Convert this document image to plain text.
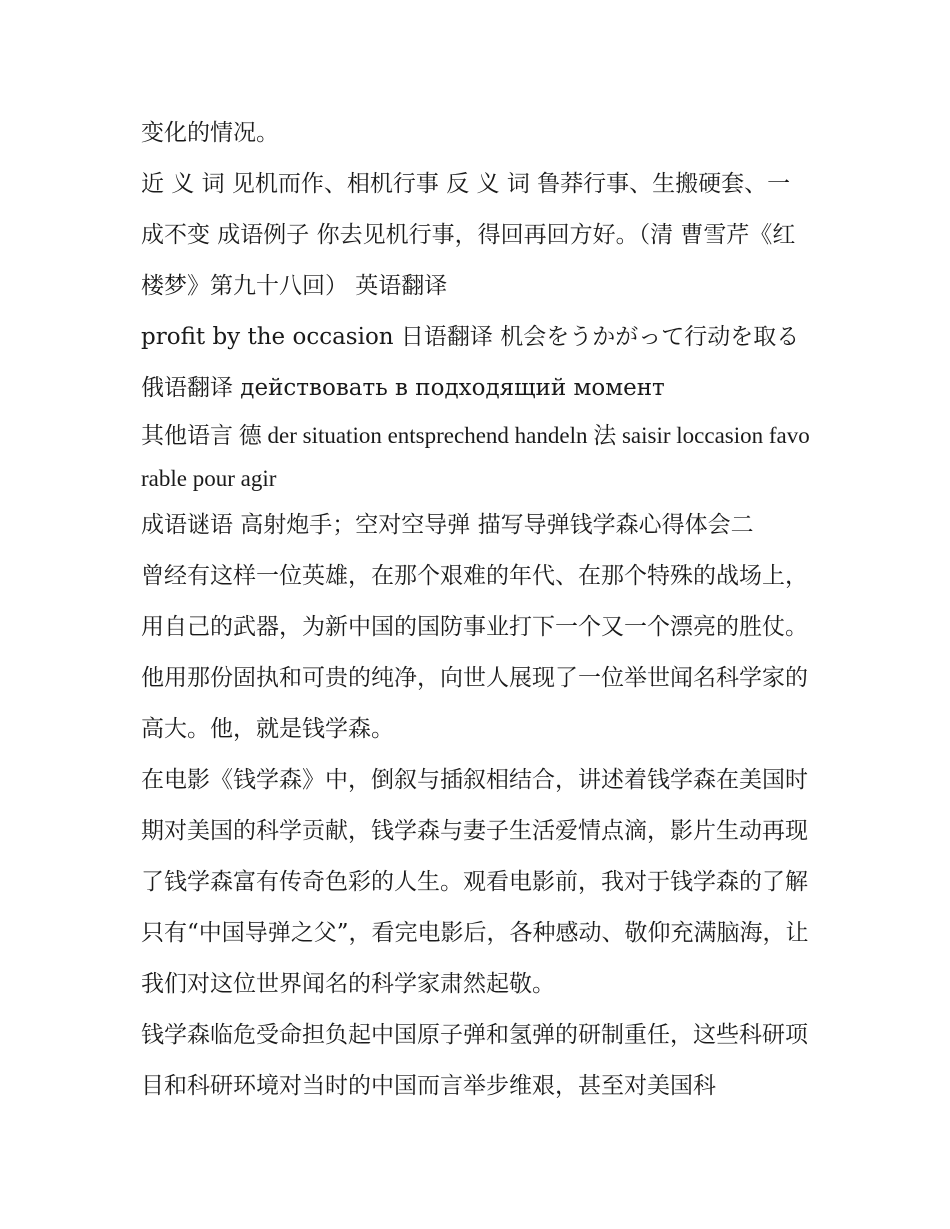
变化的情况。

近 义 词 见机而作、相机行事 反 义 词 鲁莽行事、生搬硬套、一成不变 成语例子 你去见机行事，得回再回方好。（清 曹雪芹《红楼梦》第九十八回） 英语翻译

profit by the occasion 日语翻译 机会をうかがって行动を取る

俄语翻译 действовать в подходящий момент

其他语言 德 der situation entsprechend handeln 法 saisir loccasion favorable pour agir

成语谜语 高射炮手；空对空导弹 描写导弹钱学森心得体会二

曾经有这样一位英雄，在那个艰难的年代、在那个特殊的战场上，用自己的武器，为新中国的国防事业打下一个又一个漂亮的胜仗。他用那份固执和可贵的纯净，向世人展现了一位举世闻名科学家的高大。他，就是钱学森。

在电影《钱学森》中，倒叙与插叙相结合，讲述着钱学森在美国时期对美国的科学贡献，钱学森与妻子生活爱情点滴，影片生动再现了钱学森富有传奇色彩的人生。观看电影前，我对于钱学森的了解只有“中国导弹之父”，看完电影后，各种感动、敬仰充满脑海，让我们对这位世界闻名的科学家肃然起敬。

钱学森临危受命担负起中国原子弹和氢弹的研制重任，这些科研项目和科研环境对当时的中国而言举步维艰，甚至对美国科
